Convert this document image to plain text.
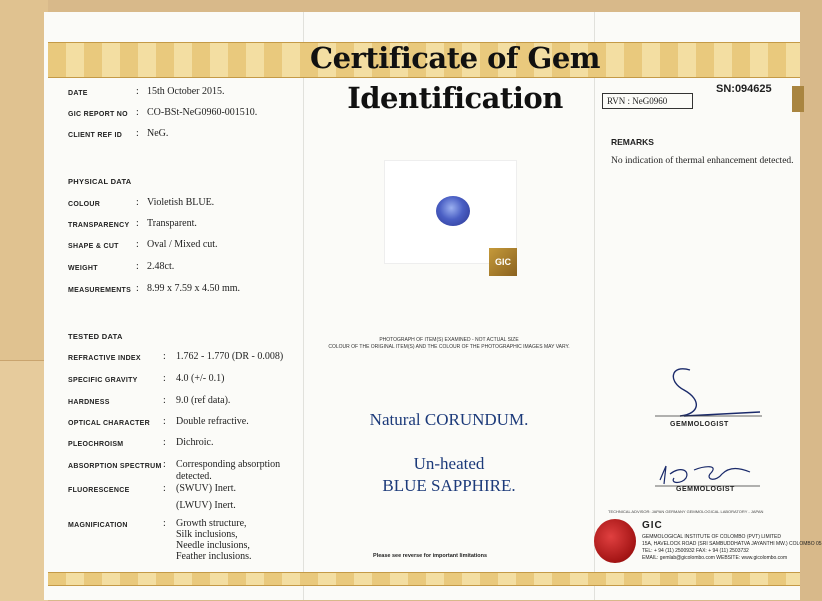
Certificate of Gem Identification
DATE	: 15th October 2015.
GIC REPORT NO : CO-BSt-NeG0960-001510.
CLIENT REF ID : NeG.
PHYSICAL DATA
COLOUR	: Violetish BLUE.
TRANSPARENCY : Transparent.
SHAPE & CUT : Oval / Mixed cut.
WEIGHT	: 2.48ct.
MEASUREMENTS : 8.99 x 7.59 x 4.50 mm.
TESTED DATA
REFRACTIVE INDEX : 1.762 - 1.770 (DR - 0.008)
SPECIFIC GRAVITY	: 4.0 (+/- 0.1)
HARDNESS	: 9.0 (ref data).
OPTICAL CHARACTER : Double refractive.
PLEOCHROISM	: Dichroic.
ABSORPTION SPECTRUM : Corresponding absorption
detected.
FLUORESCENCE	: (SWUV) Inert.
(LWUV) Inert.
MAGNIFICATION	: Growth structure,
Silk inclusions,
Needle inclusions,
Feather inclusions.
GIC
PHOTOGRAPH OF ITEM(S) EXAMINED - NOT ACTUAL SIZE
COLOUR OF THE ORIGINAL ITEM(S) AND THE COLOUR OF THE PHOTOGRAPHIC IMAGES MAY VARY.
Natural CORUNDUM.
Un-heated
BLUE SAPPHIRE.
Please see reverse for important limitations
SN:094625
RVN : NeG0960
REMARKS
No indication of thermal enhancement detected.
GEMMOLOGIST
GEMMOLOGIST
TECHNICAL ADVISOR: JAPAN GERMANY GEMMOLOGICAL LABORATORY - JAPAN
GIC
GEMMOLOGICAL INSTITUTE OF COLOMBO (PVT) LIMITED
15A, HAVELOCK ROAD (SRI SAMBUDDHATVA JAYANTHI MW.) COLOMBO 05
TEL: + 94 (11) 2500932 FAX: + 94 (11) 2503732
EMAIL: gemlab@gicolombo.com WEBSITE: www.gicolombo.com
